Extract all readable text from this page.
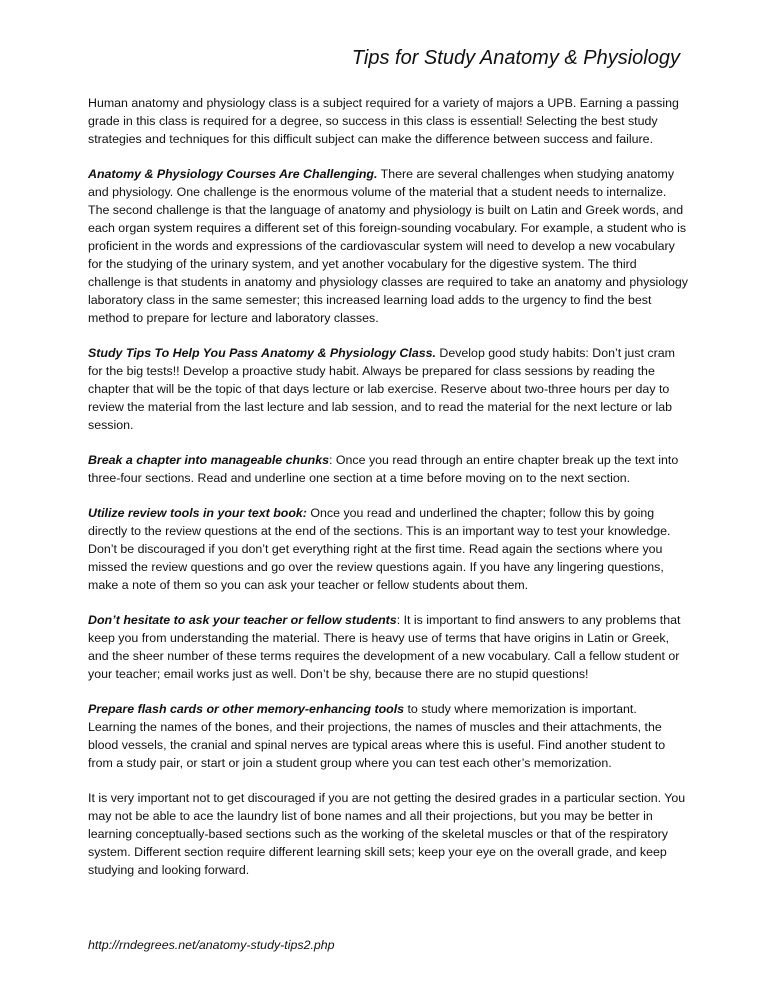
Tips for Study Anatomy & Physiology

Human anatomy and physiology class is a subject required for a variety of majors a UPB. Earning a passing grade in this class is required for a degree, so success in this class is essential! Selecting the best study strategies and techniques for this difficult subject can make the difference between success and failure.

Anatomy & Physiology Courses Are Challenging. There are several challenges when studying anatomy and physiology. One challenge is the enormous volume of the material that a student needs to internalize. The second challenge is that the language of anatomy and physiology is built on Latin and Greek words, and each organ system requires a different set of this foreign-sounding vocabulary. For example, a student who is proficient in the words and expressions of the cardiovascular system will need to develop a new vocabulary for the studying of the urinary system, and yet another vocabulary for the digestive system. The third challenge is that students in anatomy and physiology classes are required to take an anatomy and physiology laboratory class in the same semester; this increased learning load adds to the urgency to find the best method to prepare for lecture and laboratory classes.

Study Tips To Help You Pass Anatomy & Physiology Class. Develop good study habits: Don’t just cram for the big tests!! Develop a proactive study habit. Always be prepared for class sessions by reading the chapter that will be the topic of that days lecture or lab exercise. Reserve about two-three hours per day to review the material from the last lecture and lab session, and to read the material for the next lecture or lab session.

Break a chapter into manageable chunks: Once you read through an entire chapter break up the text into three-four sections. Read and underline one section at a time before moving on to the next section.

Utilize review tools in your text book: Once you read and underlined the chapter; follow this by going directly to the review questions at the end of the sections. This is an important way to test your knowledge. Don’t be discouraged if you don’t get everything right at the first time. Read again the sections where you missed the review questions and go over the review questions again. If you have any lingering questions, make a note of them so you can ask your teacher or fellow students about them.

Don’t hesitate to ask your teacher or fellow students: It is important to find answers to any problems that keep you from understanding the material. There is heavy use of terms that have origins in Latin or Greek, and the sheer number of these terms requires the development of a new vocabulary. Call a fellow student or your teacher; email works just as well. Don’t be shy, because there are no stupid questions!

Prepare flash cards or other memory-enhancing tools to study where memorization is important. Learning the names of the bones, and their projections, the names of muscles and their attachments, the blood vessels, the cranial and spinal nerves are typical areas where this is useful. Find another student to from a study pair, or start or join a student group where you can test each other’s memorization.

It is very important not to get discouraged if you are not getting the desired grades in a particular section. You may not be able to ace the laundry list of bone names and all their projections, but you may be better in learning conceptually-based sections such as the working of the skeletal muscles or that of the respiratory system. Different section require different learning skill sets; keep your eye on the overall grade, and keep studying and looking forward.

http://rndegrees.net/anatomy-study-tips2.php
